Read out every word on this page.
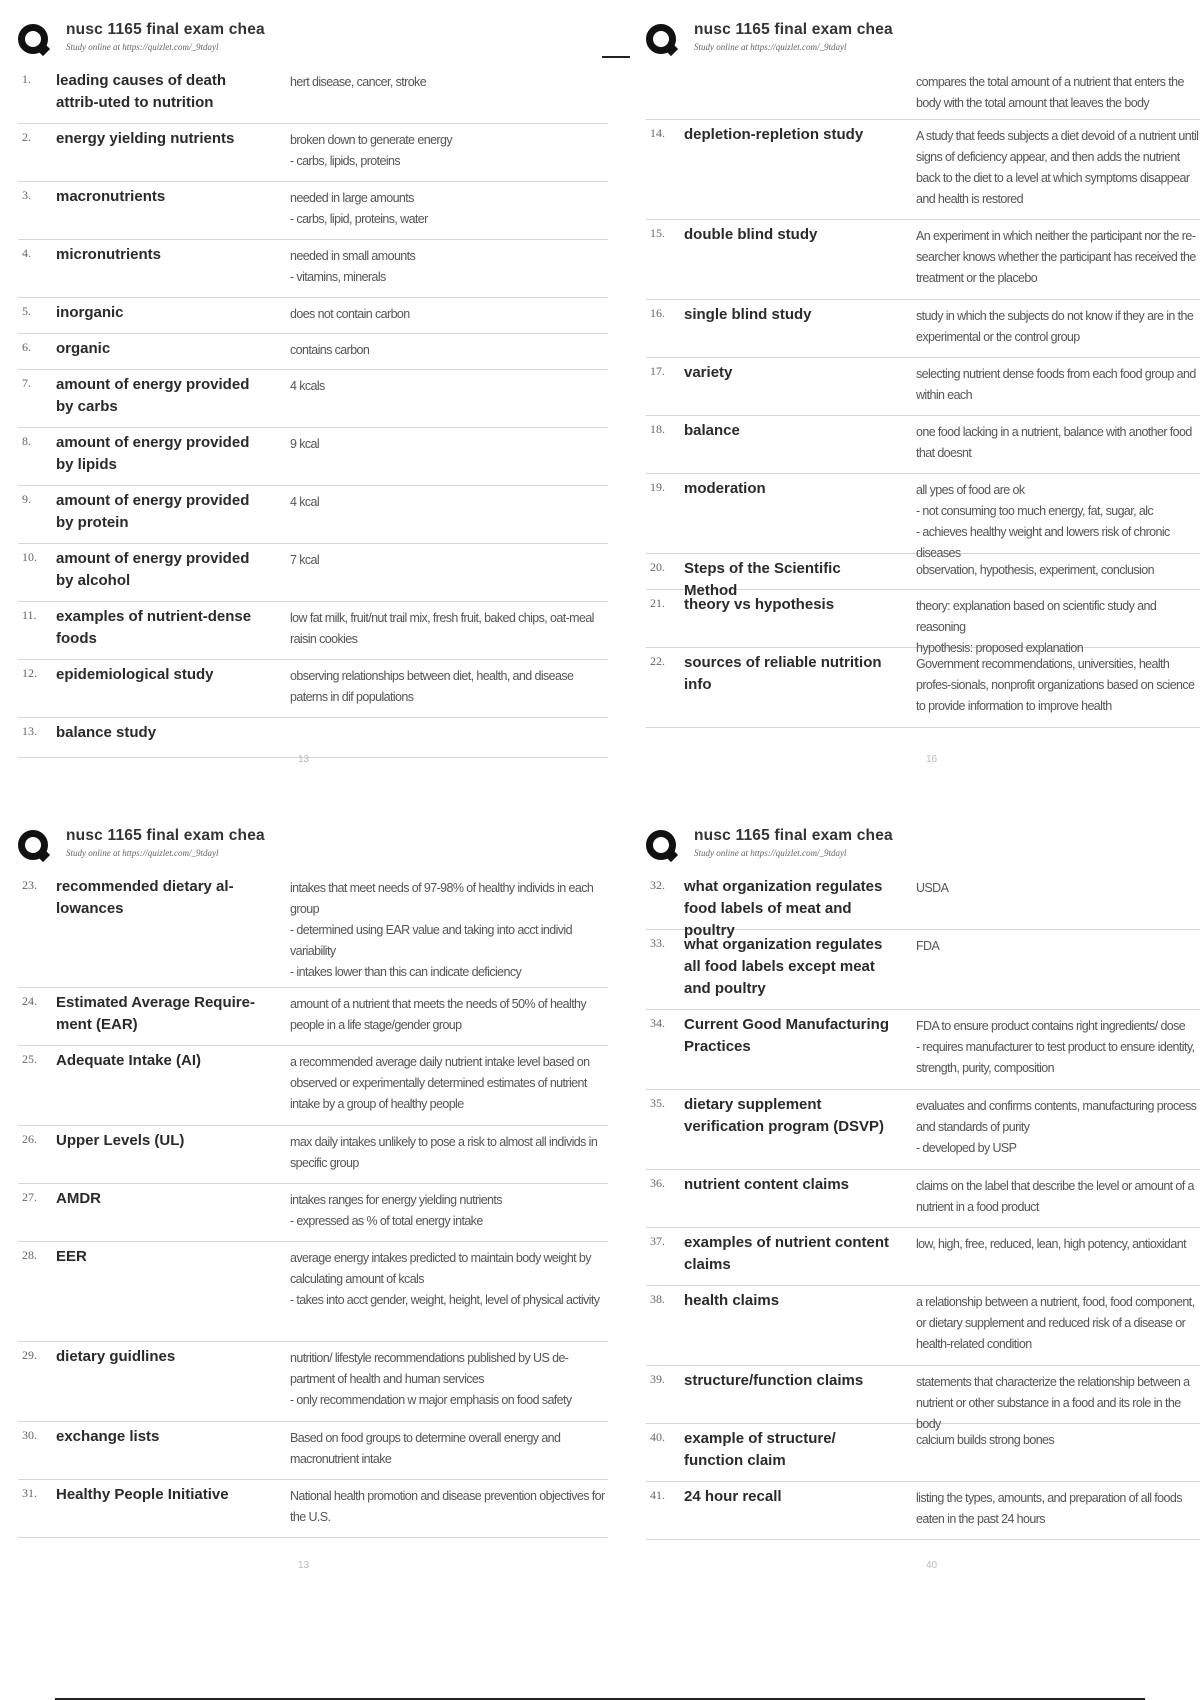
nusc 1165 final exam chea
Study online at https://quizlet.com/_9tdayl
1. leading causes of death attrib-uted to nutrition
hert disease, cancer, stroke
2. energy yielding nutrients	broken down to generate energy
- carbs, lipids, proteins
3. macronutrients	needed in large amounts
- carbs, lipid, proteins, water
4. micronutrients	needed in small amounts
- vitamins, minerals
5. inorganic	does not contain carbon
6. organic	contains carbon
7. amount of energy provided by carbs
4 kcals
8. amount of energy provided by lipids
9 kcal
9. amount of energy provided by protein
4 kcal
10. amount of energy provided by alcohol
7 kcal
11. examples of nutrient-dense foods
low fat milk, fruit/nut trail mix, fresh fruit, baked chips, oat-meal raisin cookies
12. epidemiological study	observing relationships between diet, health, and disease paterns in dif populations
13. balance study
13
nusc 1165 final exam chea
Study online at https://quizlet.com/_9tdayl
compares the total amount of a nutrient that enters the body with the total amount that leaves the body
14. depletion-repletion study	A study that feeds subjects a diet devoid of a nutrient until signs of deficiency appear, and then adds the nutrient back to the diet to a level at which symptoms disappear and health is restored
15. double blind study	An experiment in which neither the participant nor the re-searcher knows whether the participant has received the treatment or the placebo
16. single blind study	study in which the subjects do not know if they are in the experimental or the control group
17. variety	selecting nutrient dense foods from each food group and within each
18. balance	one food lacking in a nutrient, balance with another food that doesnt
19. moderation	all ypes of food are ok
- not consuming too much energy, fat, sugar, alc
- achieves healthy weight and lowers risk of chronic diseases
20. Steps of the Scientific Method
observation, hypothesis, experiment, conclusion
21. theory vs hypothesis	theory: explanation based on scientific study and reasoning
hypothesis: proposed explanation
22. sources of reliable nutrition info
Government recommendations, universities, health profes-sionals, nonprofit organizations based on science to provide information to improve health
16
nusc 1165 final exam chea
Study online at https://quizlet.com/_9tdayl
23. recommended dietary al-lowances
intakes that meet needs of 97-98% of healthy individs in each group
- determined using EAR value and taking into acct individ variability
- intakes lower than this can indicate deficiency
24. Estimated Average Require-ment (EAR)
amount of a nutrient that meets the needs of 50% of healthy people in a life stage/gender group
25. Adequate Intake (AI)	a recommended average daily nutrient intake level based on observed or experimentally determined estimates of nutrient intake by a group of healthy people
26. Upper Levels (UL)	max daily intakes unlikely to pose a risk to almost all individs in specific group
27. AMDR	intakes ranges for energy yielding nutrients
- expressed as % of total energy intake
28. EER	average energy intakes predicted to maintain body weight by calculating amount of kcals
- takes into acct gender, weight, height, level of physical activity
29. dietary guidlines	nutrition/ lifestyle recommendations published by US de-partment of health and human services
- only recommendation w major emphasis on food safety
30. exchange lists	Based on food groups to determine overall energy and macronutrient intake
31. Healthy People Initiative	National health promotion and disease prevention objectives for the U.S.
13
nusc 1165 final exam chea
Study online at https://quizlet.com/_9tdayl
32. what organization regulates food labels of meat and poultry
USDA
33. what organization regulates all food labels except meat and poultry
FDA
34. Current Good Manufacturing Practices
FDA to ensure product contains right ingredients/ dose
- requires manufacturer to test product to ensure identity, strength, purity, composition
35. dietary supplement verification program (DSVP)
evaluates and confirms contents, manufacturing process and standards of purity
- developed by USP
36. nutrient content claims	claims on the label that describe the level or amount of a nutrient in a food product
37. examples of nutrient content claims
low, high, free, reduced, lean, high potency, antioxidant
38. health claims	a relationship between a nutrient, food, food component, or dietary supplement and reduced risk of a disease or health-related condition
39. structure/function claims	statements that characterize the relationship between a nutrient or other substance in a food and its role in the body
40. example of structure/ function claim
calcium builds strong bones
41. 24 hour recall	listing the types, amounts, and preparation of all foods eaten in the past 24 hours
40
